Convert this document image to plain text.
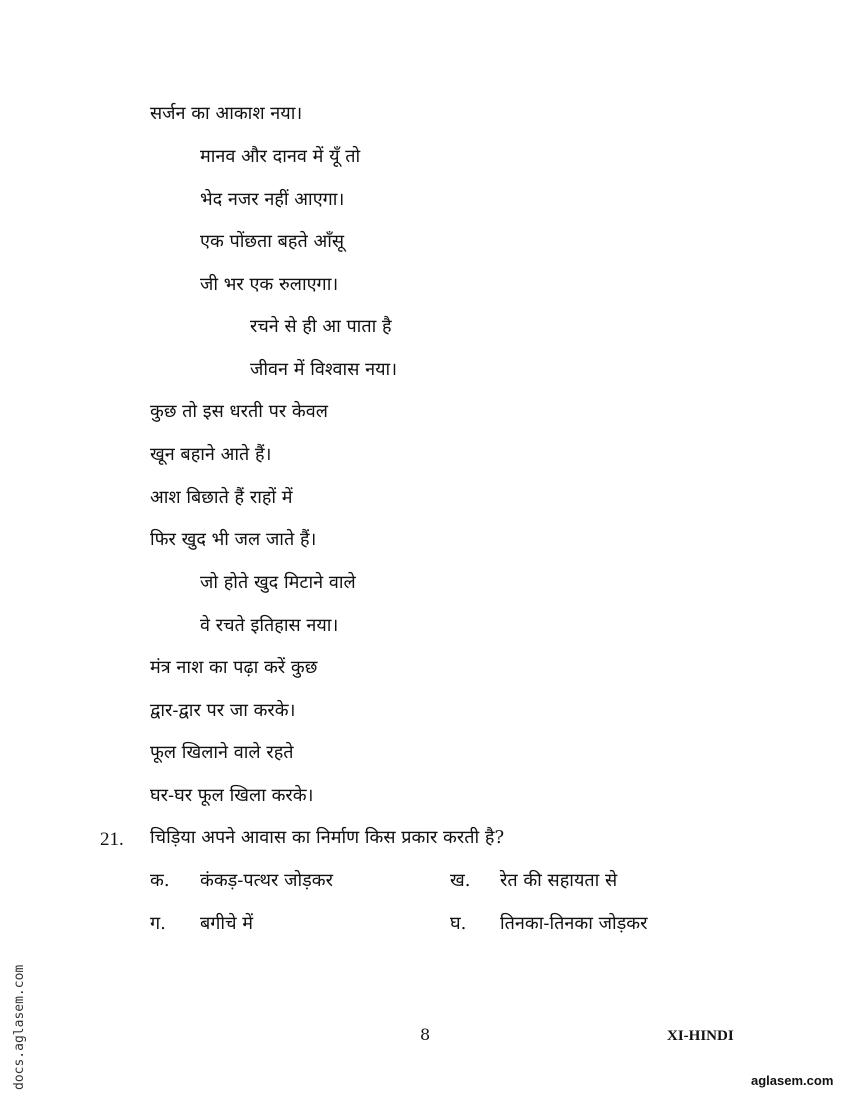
सर्जन का आकाश नया।
मानव और दानव में यूँ तो
भेद नजर नहीं आएगा।
एक पोंछता बहते आँसू
जी भर एक रुलाएगा।
रचने से ही आ पाता है
जीवन में विश्वास नया।
कुछ तो इस धरती पर केवल
खून बहाने आते हैं।
आश बिछाते हैं राहों में
फिर खुद भी जल जाते हैं।
जो होते खुद मिटाने वाले
वे रचते इतिहास नया।
मंत्र नाश का पढ़ा करें कुछ
द्वार-द्वार पर जा करके।
फूल खिलाने वाले रहते
घर-घर फूल खिला करके।
21. चिड़िया अपने आवास का निर्माण किस प्रकार करती है?
क. कंकड़-पत्थर जोड़कर	ख. रेत की सहायता से
ग. बगीचे में	घ. तिनका-तिनका जोड़कर
8	XI-HINDI
aglasem.com
docs.aglasem.com
